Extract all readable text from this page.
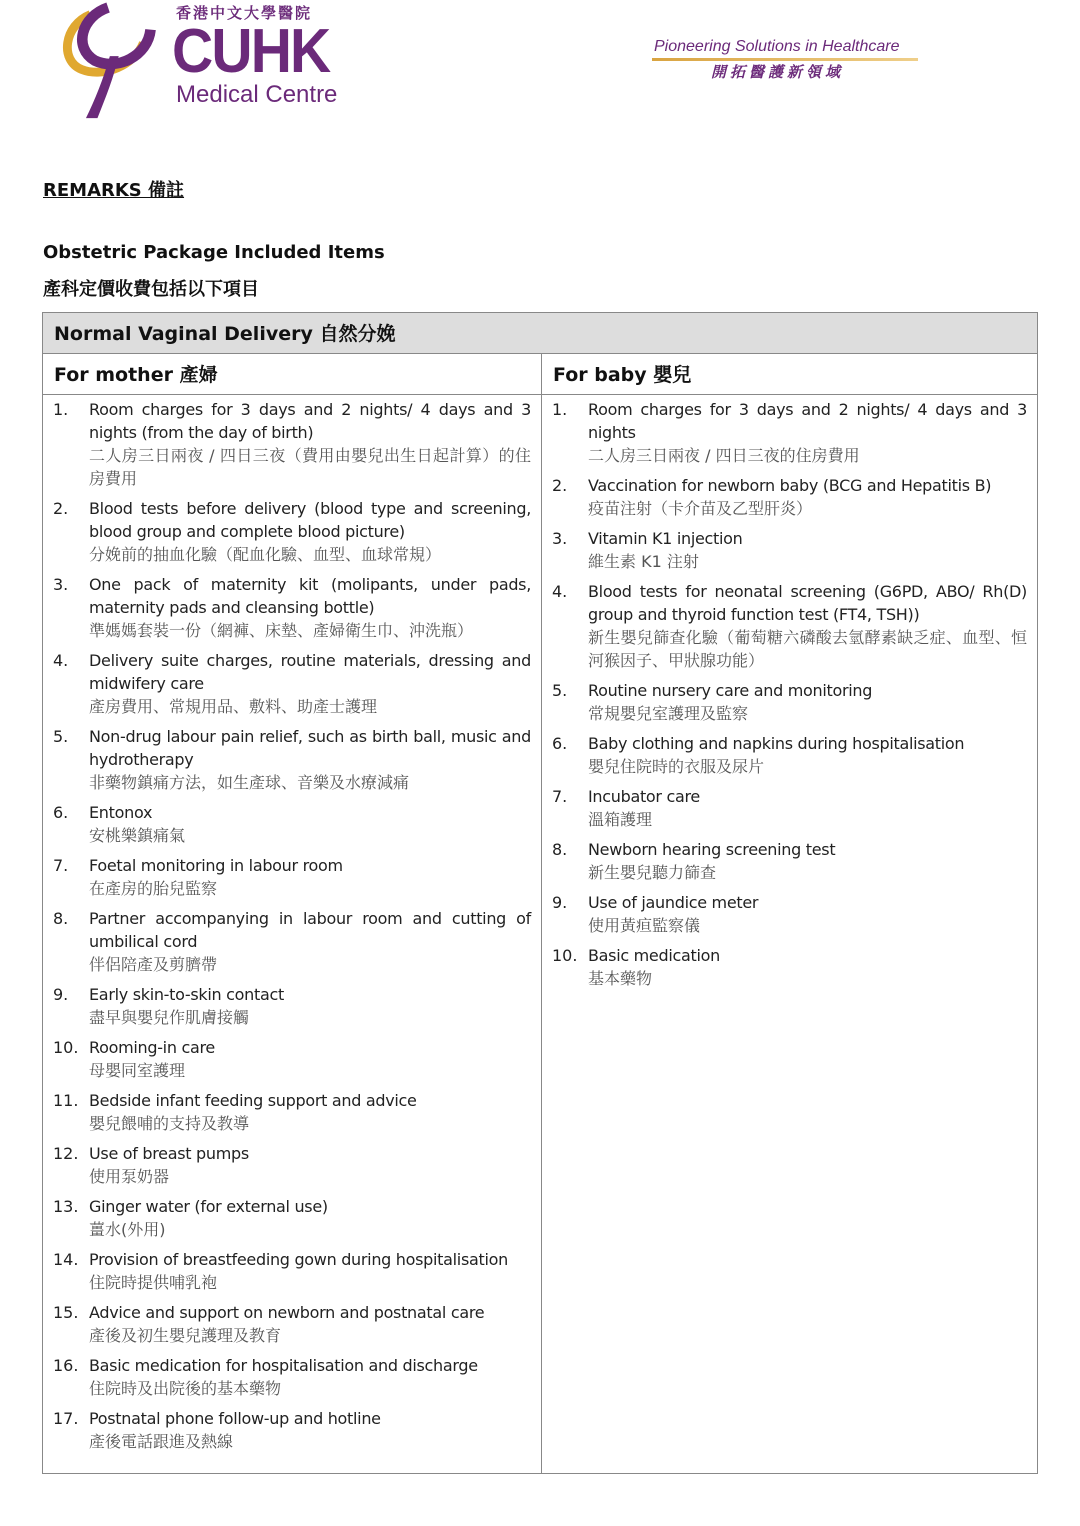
香港中文大學醫院
CUHK
Medical Centre
Pioneering Solutions in Healthcare
開拓醫護新領域
REMARKS 備註
Obstetric Package Included Items
產科定價收費包括以下項目
Normal Vaginal Delivery 自然分娩
For mother 產婦
1.	Room charges for 3 days and 2 nights/ 4 days and 3 nights (from the day of birth)
二人房三日兩夜 / 四日三夜（費用由嬰兒出生日起計算）的住房費用
2.	Blood tests before delivery (blood type and screening, blood group and complete blood picture)
分娩前的抽血化驗（配血化驗、血型、血球常規）
3.	One pack of maternity kit (molipants, under pads, maternity pads and cleansing bottle)
準媽媽套裝一份（網褲、床墊、產婦衛生巾、沖洗瓶）
4.	Delivery suite charges, routine materials, dressing and midwifery care
產房費用、常規用品、敷料、助產士護理
5.	Non-drug labour pain relief, such as birth ball, music and hydrotherapy
非藥物鎮痛方法，如生產球、音樂及水療減痛
6.	Entonox
安桃樂鎮痛氣
7.	Foetal monitoring in labour room
在產房的胎兒監察
8.	Partner accompanying in labour room and cutting of umbilical cord
伴侶陪產及剪臍帶
9.	Early skin-to-skin contact
盡早與嬰兒作肌膚接觸
10. Rooming-in care
母嬰同室護理
11. Bedside infant feeding support and advice
嬰兒餵哺的支持及教導
12. Use of breast pumps
使用泵奶器
13. Ginger water (for external use)
薑水(外用)
14. Provision of breastfeeding gown during hospitalisation
住院時提供哺乳袍
15. Advice and support on newborn and postnatal care
產後及初生嬰兒護理及教育
16. Basic medication for hospitalisation and discharge
住院時及出院後的基本藥物
17. Postnatal phone follow-up and hotline
產後電話跟進及熱線
For baby 嬰兒
1.	Room charges for 3 days and 2 nights/ 4 days and 3 nights
二人房三日兩夜 / 四日三夜的住房費用
2.	Vaccination for newborn baby (BCG and Hepatitis B)
疫苗注射（卡介苗及乙型肝炎）
3.	Vitamin K1 injection
維生素 K1 注射
4.	Blood tests for neonatal screening (G6PD, ABO/ Rh(D) group and thyroid function test (FT4, TSH))
新生嬰兒篩查化驗（葡萄糖六磷酸去氫酵素缺乏症、血型、恒河猴因子、甲狀腺功能）
5.	Routine nursery care and monitoring
常規嬰兒室護理及監察
6.	Baby clothing and napkins during hospitalisation
嬰兒住院時的衣服及尿片
7.	Incubator care
溫箱護理
8.	Newborn hearing screening test
新生嬰兒聽力篩查
9.	Use of jaundice meter
使用黃疸監察儀
10. Basic medication
基本藥物
